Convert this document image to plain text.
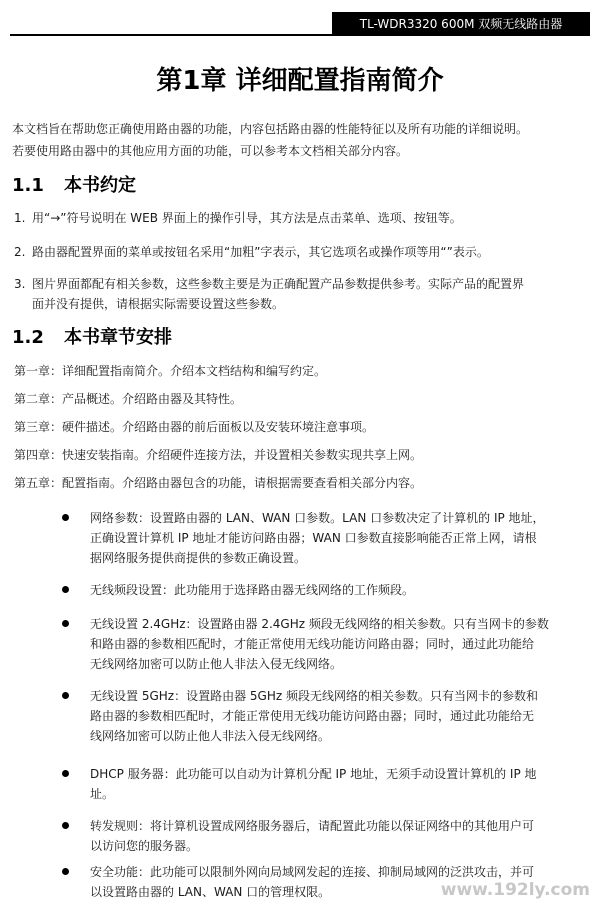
TL-WDR3320 600M 双频无线路由器
第1章 详细配置指南简介

本文档旨在帮助您正确使用路由器的功能，内容包括路由器的性能特征以及所有功能的详细说明。

若要使用路由器中的其他应用方面的功能，可以参考本文档相关部分内容。

1.1 本书约定
1. 用“→”符号说明在 WEB 界面上的操作引导，其方法是点击菜单、选项、按钮等。
2. 路由器配置界面的菜单或按钮名采用“加粗”字表示，其它选项名或操作项等用“”表示。
3. 图片界面都配有相关参数，这些参数主要是为正确配置产品参数提供参考。实际产品的配置界
面并没有提供，请根据实际需要设置这些参数。
1.2 本书章节安排
第一章：详细配置指南简介。介绍本文档结构和编写约定。
第二章：产品概述。介绍路由器及其特性。
第三章：硬件描述。介绍路由器的前后面板以及安装环境注意事项。
第四章：快速安装指南。介绍硬件连接方法，并设置相关参数实现共享上网。
第五章：配置指南。介绍路由器包含的功能，请根据需要查看相关部分内容。
网络参数：设置路由器的 LAN、WAN 口参数。LAN 口参数决定了计算机的 IP 地址，
正确设置计算机 IP 地址才能访问路由器；WAN 口参数直接影响能否正常上网，请根
据网络服务提供商提供的参数正确设置。
无线频段设置：此功能用于选择路由器无线网络的工作频段。
无线设置 2.4GHz：设置路由器 2.4GHz 频段无线网络的相关参数。只有当网卡的参数
和路由器的参数相匹配时，才能正常使用无线功能访问路由器；同时，通过此功能给
无线网络加密可以防止他人非法入侵无线网络。
无线设置 5GHz：设置路由器 5GHz 频段无线网络的相关参数。只有当网卡的参数和
路由器的参数相匹配时，才能正常使用无线功能访问路由器；同时，通过此功能给无
线网络加密可以防止他人非法入侵无线网络。
DHCP 服务器：此功能可以自动为计算机分配 IP 地址，无须手动设置计算机的 IP 地
址。
转发规则：将计算机设置成网络服务器后，请配置此功能以保证网络中的其他用户可
以访问您的服务器。
安全功能：此功能可以限制外网向局域网发起的连接、抑制局域网的泛洪攻击，并可
以设置路由器的 LAN、WAN 口的管理权限。	www.192ly.com
